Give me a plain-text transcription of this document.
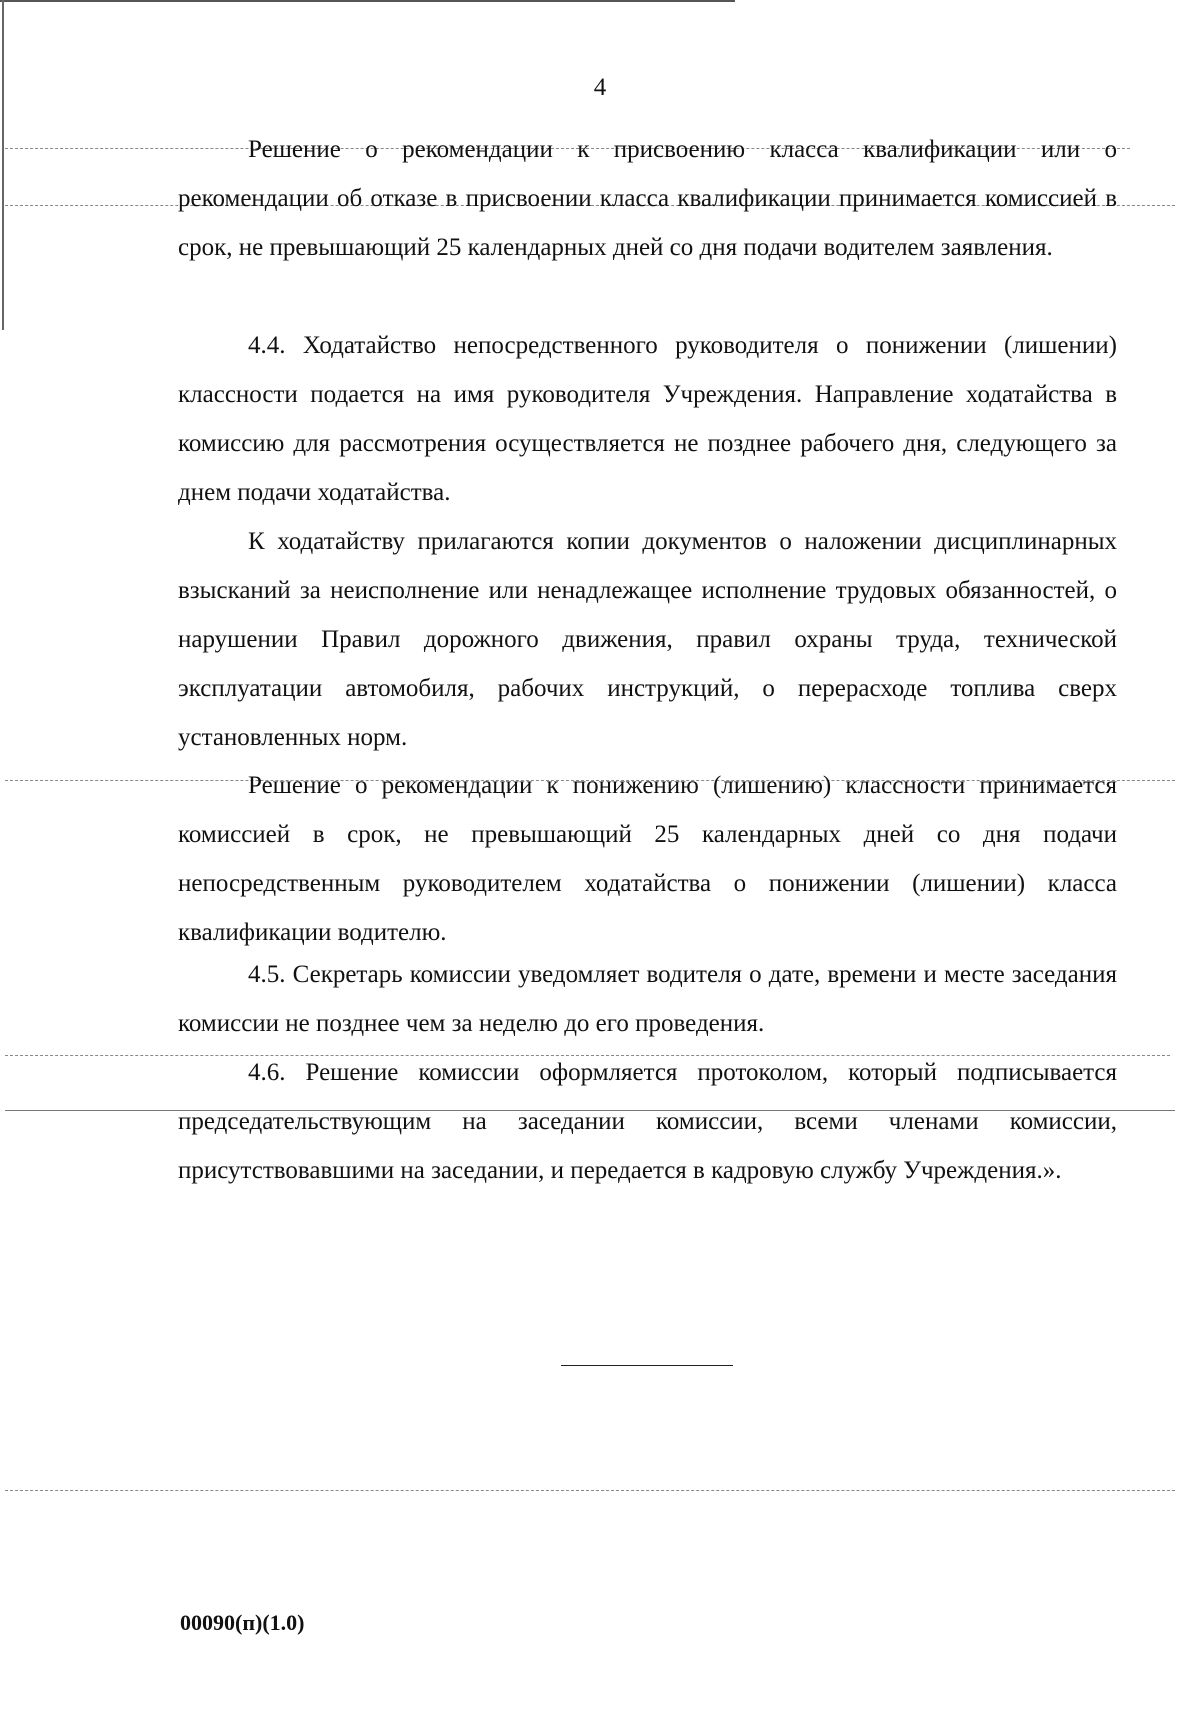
4

Решение о рекомендации к присвоению класса квалификации или о рекомендации об отказе в присвоении класса квалификации принимается комиссией в срок, не превышающий 25 календарных дней со дня подачи водителем заявления.

4.4. Ходатайство непосредственного руководителя о понижении (лишении) классности подается на имя руководителя Учреждения. Направление ходатайства в комиссию для рассмотрения осуществляется не позднее рабочего дня, следующего за днем подачи ходатайства.

К ходатайству прилагаются копии документов о наложении дисциплинарных взысканий за неисполнение или ненадлежащее исполнение трудовых обязанностей, о нарушении Правил дорожного движения, правил охраны труда, технической эксплуатации автомобиля, рабочих инструкций, о перерасходе топлива сверх установленных норм.

Решение о рекомендации к понижению (лишению) классности принимается комиссией в срок, не превышающий 25 календарных дней со дня подачи непосредственным руководителем ходатайства о понижении (лишении) класса квалификации водителю.

4.5. Секретарь комиссии уведомляет водителя о дате, времени и месте заседания комиссии не позднее чем за неделю до его проведения.

4.6. Решение комиссии оформляется протоколом, который подписывается председательствующим на заседании комиссии, всеми членами комиссии, присутствовавшими на заседании, и передается в кадровую службу Учреждения.».

00090(п)(1.0)
